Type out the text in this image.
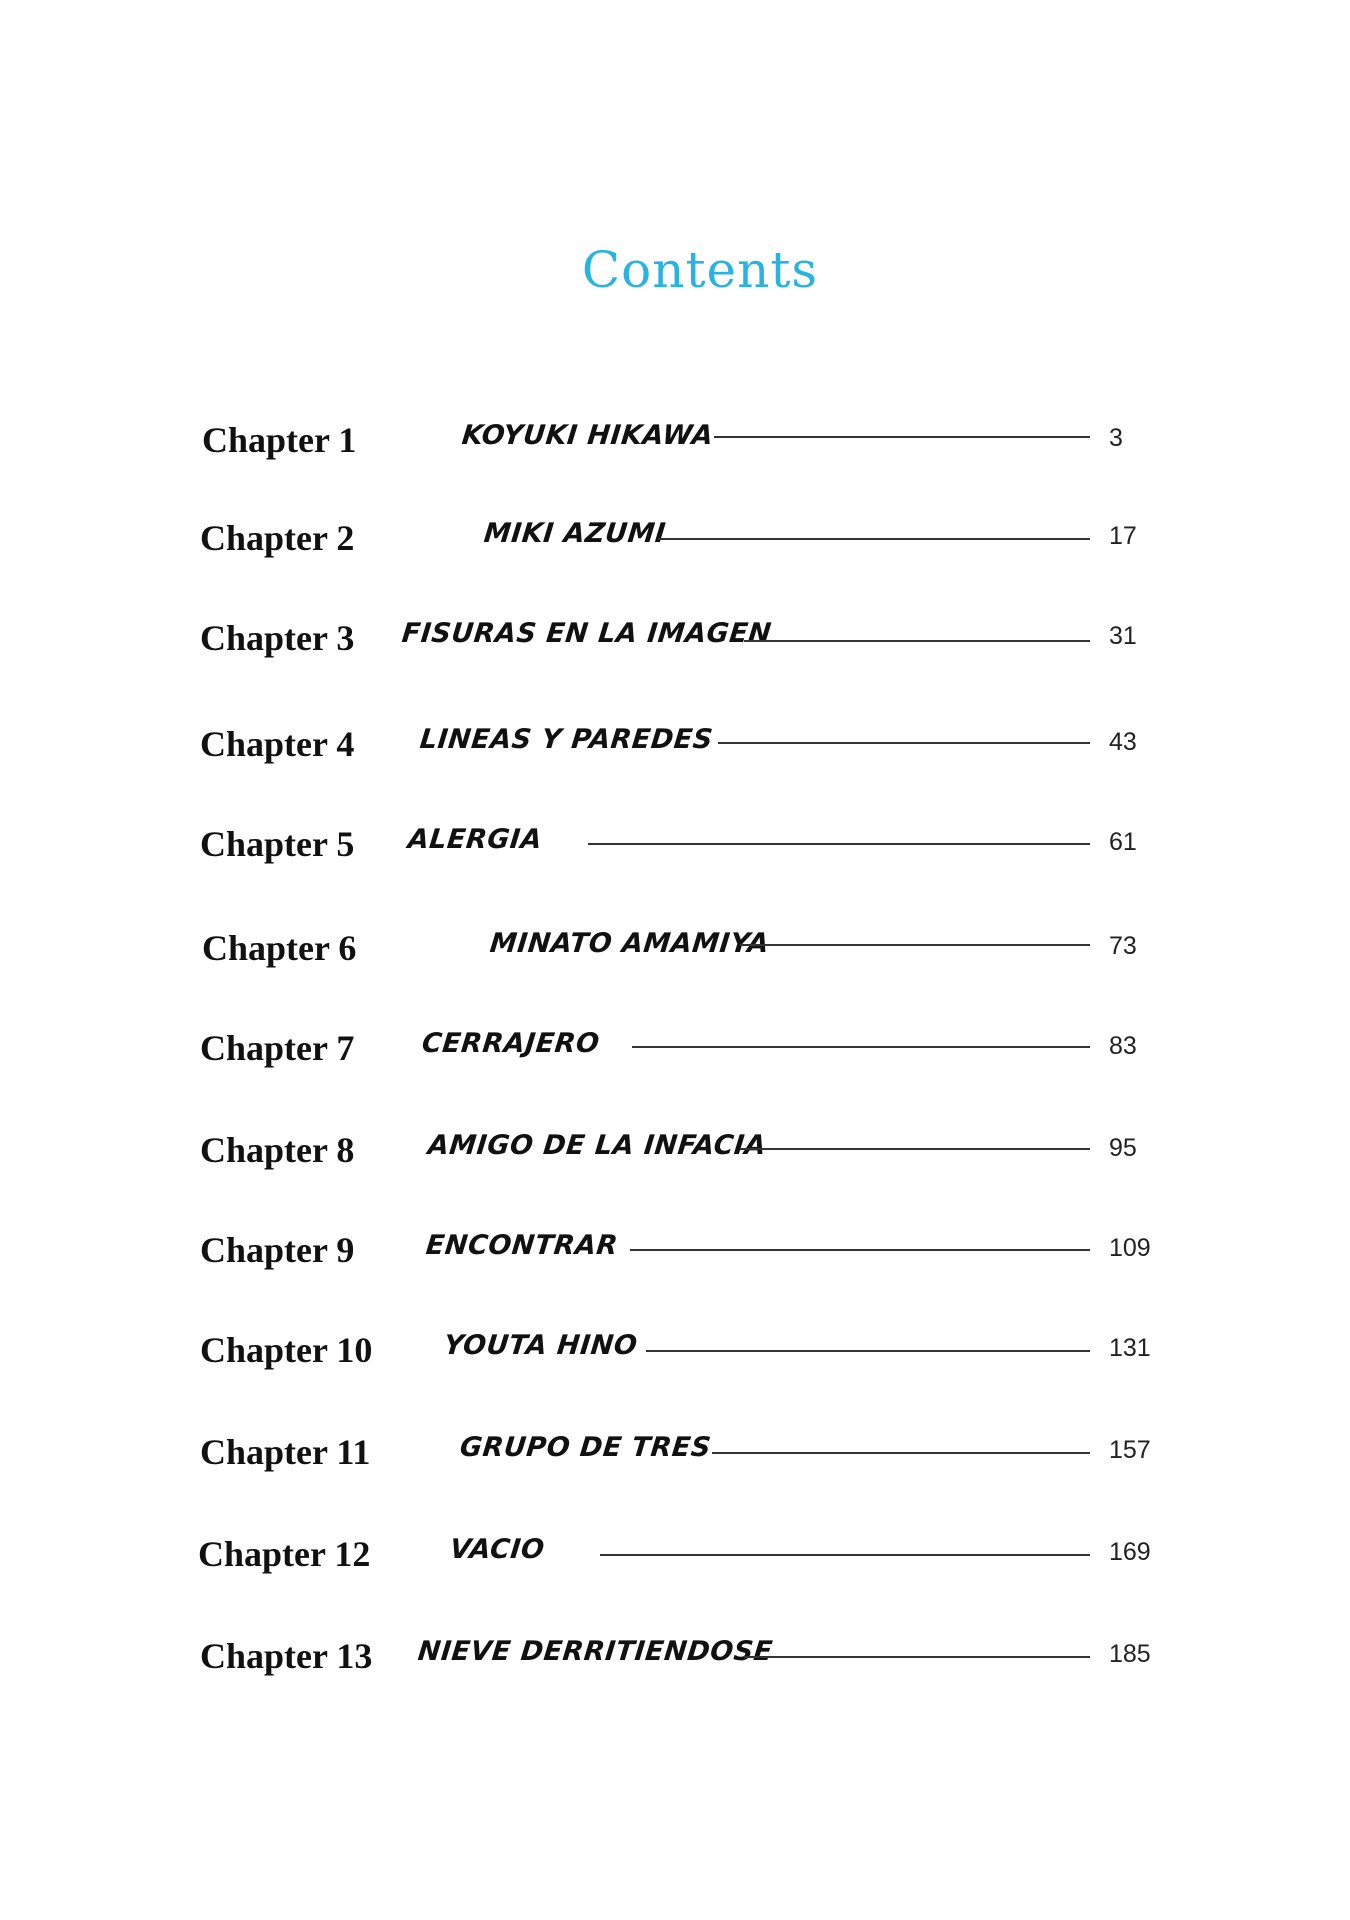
Contents
Chapter 1	KOYUKI HIKAWA	3
Chapter 2	MIKI AZUMI	17
Chapter 3 FISURAS EN LA IMAGEN	31
Chapter 4 LINEAS Y PAREDES	43
Chapter 5 ALERGIA	61
Chapter 6	MINATO AMAMIYA	73
Chapter 7 CERRAJERO	83
Chapter 8	AMIGO DE LA INFACIA	95
Chapter 9	ENCONTRAR	109
Chapter 10	YOUTA HINO	131
Chapter 11	GRUPO DE TRES	157
Chapter 12	VACIO	169
Chapter 13 NIEVE DERRITIENDOSE	185
